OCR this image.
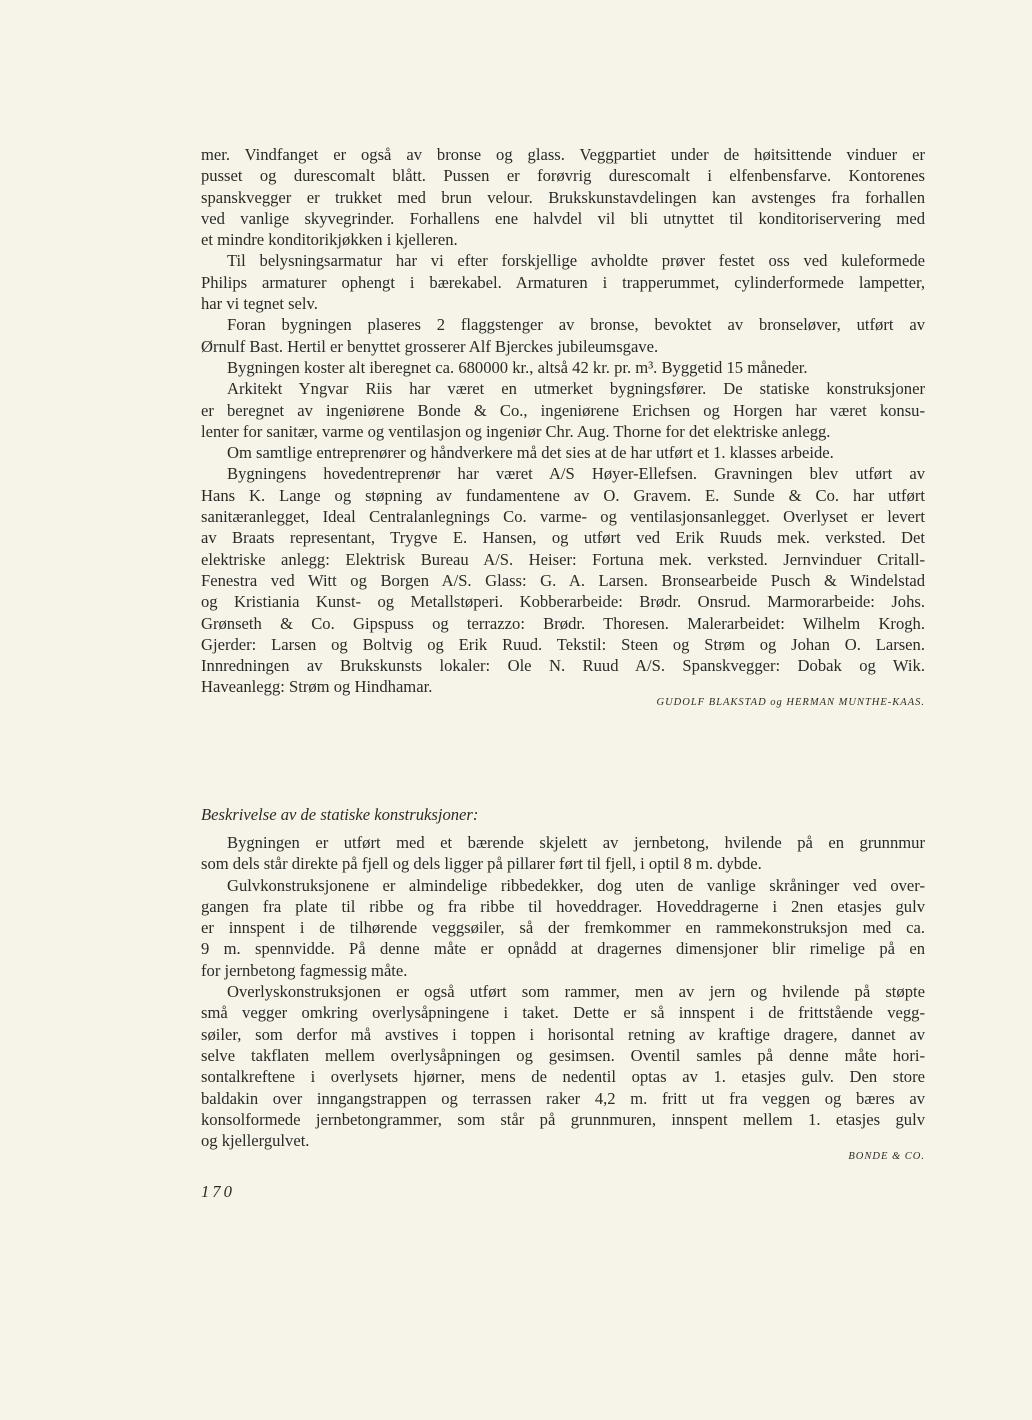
mer. Vindfanget er også av bronse og glass. Veggpartiet under de høitsittende vinduer er
pusset og durescomalt blått. Pussen er forøvrig durescomalt i elfenbensfarve. Kontorenes
spanskvegger er trukket med brun velour. Brukskunstavdelingen kan avstenges fra forhallen
ved vanlige skyvegrinder. Forhallens ene halvdel vil bli utnyttet til konditoriservering med
et mindre konditorikjøkken i kjelleren.
Til belysningsarmatur har vi efter forskjellige avholdte prøver festet oss ved kuleformede
Philips armaturer ophengt i bærekabel. Armaturen i trapperummet, cylinderformede lampetter,
har vi tegnet selv.
Foran bygningen plaseres 2 flaggstenger av bronse, bevoktet av bronseløver, utført av
Ørnulf Bast. Hertil er benyttet grosserer Alf Bjerckes jubileumsgave.
Bygningen koster alt iberegnet ca. 680000 kr., altså 42 kr. pr. m³. Byggetid 15 måneder.
Arkitekt Yngvar Riis har været en utmerket bygningsfører. De statiske konstruksjoner
er beregnet av ingeniørene Bonde & Co., ingeniørene Erichsen og Horgen har været konsu-
lenter for sanitær, varme og ventilasjon og ingeniør Chr. Aug. Thorne for det elektriske anlegg.
Om samtlige entreprenører og håndverkere må det sies at de har utført et 1. klasses arbeide.
Bygningens hovedentreprenør har været A/S Høyer-Ellefsen. Gravningen blev utført av
Hans K. Lange og støpning av fundamentene av O. Gravem. E. Sunde & Co. har utført
sanitæranlegget, Ideal Centralanlegnings Co. varme- og ventilasjonsanlegget. Overlyset er levert
av Braats representant, Trygve E. Hansen, og utført ved Erik Ruuds mek. verksted. Det
elektriske anlegg: Elektrisk Bureau A/S. Heiser: Fortuna mek. verksted. Jernvinduer Critall-
Fenestra ved Witt og Borgen A/S. Glass: G. A. Larsen. Bronsearbeide Pusch & Windelstad
og Kristiania Kunst- og Metallstøperi. Kobberarbeide: Brødr. Onsrud. Marmorarbeide: Johs.
Grønseth & Co. Gipspuss og terrazzo: Brødr. Thoresen. Malerarbeidet: Wilhelm Krogh.
Gjerder: Larsen og Boltvig og Erik Ruud. Tekstil: Steen og Strøm og Johan O. Larsen.
Innredningen av Brukskunsts lokaler: Ole N. Ruud A/S. Spanskvegger: Dobak og Wik.
Haveanlegg: Strøm og Hindhamar.
GUDOLF BLAKSTAD og HERMAN MUNTHE-KAAS.
Beskrivelse av de statiske konstruksjoner:
Bygningen er utført med et bærende skjelett av jernbetong, hvilende på en grunnmur
som dels står direkte på fjell og dels ligger på pillarer ført til fjell, i optil 8 m. dybde.
Gulvkonstruksjonene er almindelige ribbedekker, dog uten de vanlige skråninger ved over-
gangen fra plate til ribbe og fra ribbe til hoveddrager. Hoveddragerne i 2nen etasjes gulv
er innspent i de tilhørende veggsøiler, så der fremkommer en rammekonstruksjon med ca.
9 m. spennvidde. På denne måte er opnådd at dragernes dimensjoner blir rimelige på en
for jernbetong fagmessig måte.
Overlyskonstruksjonen er også utført som rammer, men av jern og hvilende på støpte
små vegger omkring overlysåpningene i taket. Dette er så innspent i de frittstående vegg-
søiler, som derfor må avstives i toppen i horisontal retning av kraftige dragere, dannet av
selve takflaten mellem overlysåpningen og gesimsen. Oventil samles på denne måte hori-
sontalkreftene i overlysets hjørner, mens de nedentil optas av 1. etasjes gulv. Den store
baldakin over inngangstrappen og terrassen raker 4,2 m. fritt ut fra veggen og bæres av
konsolformede jernbetongrammer, som står på grunnmuren, innspent mellem 1. etasjes gulv
og kjellergulvet.
BONDE & CO.
170
